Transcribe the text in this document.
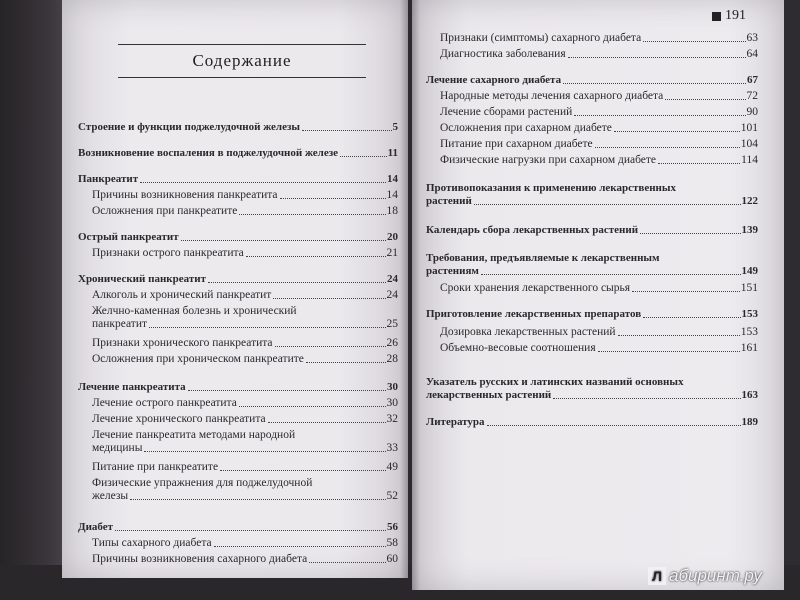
Содержание
191
Строение и функции поджелудочной железы	5
Возникновение воспаления в поджелудочной железе	11
Панкреатит	14
Причины возникновения панкреатита	14
Осложнения при панкреатите	18
Острый панкреатит	20
Признаки острого панкреатита	21
Хронический панкреатит	24
Алкоголь и хронический панкреатит	24
Желчно-каменная болезнь и хронический
панкреатит	25
Признаки хронического панкреатита	26
Осложнения при хроническом панкреатите	28
Лечение панкреатита	30
Лечение острого панкреатита	30
Лечение хронического панкреатита	32
Лечение панкреатита методами народной
медицины	33
Питание при панкреатите	49
Физические упражнения для поджелудочной
железы	52
Диабет	56
Типы сахарного диабета	58
Причины возникновения сахарного диабета	60
Признаки (симптомы) сахарного диабета	63
Диагностика заболевания	64
Лечение сахарного диабета	67
Народные методы лечения сахарного диабета	72
Лечение сборами растений	90
Осложнения при сахарном диабете	101
Питание при сахарном диабете	104
Физические нагрузки при сахарном диабете	114
Противопоказания к применению лекарственных
растений	122
Календарь сбора лекарственных растений	139
Требования, предъявляемые к лекарственным
растениям	149
Сроки хранения лекарственного сырья	151
Приготовление лекарственных препаратов	153
Дозировка лекарственных растений	153
Объемно-весовые соотношения	161
Указатель русских и латинских названий основных
лекарственных растений	163
Литература	189
Л абиринт.ру
